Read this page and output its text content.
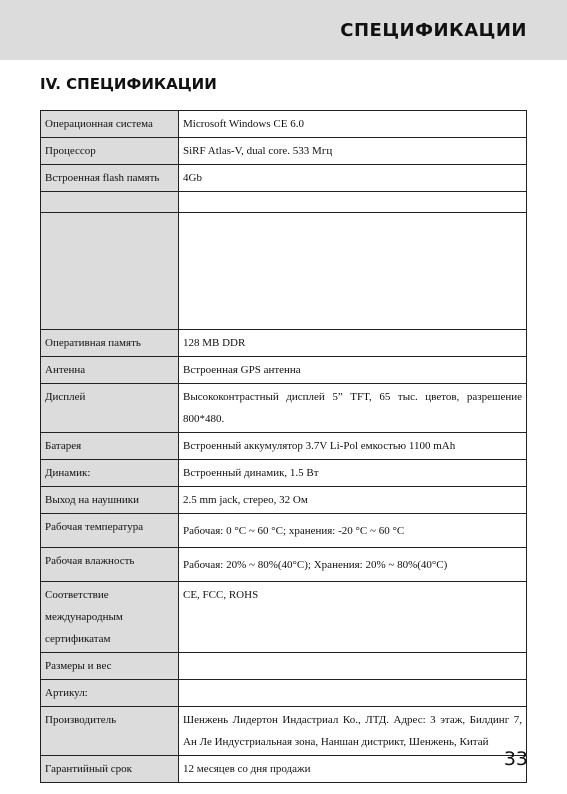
СПЕЦИФИКАЦИИ
IV. СПЕЦИФИКАЦИИ
Операционная система	Microsoft Windows CE 6.0
Процессор	SiRF Atlas-V, dual core. 533 Мгц
Встроенная flash память	4Gb

Оперативная память	128 MB DDR
Антенна	Встроенная GPS антенна
Дисплей	Высококонтрастный дисплей 5” TFT, 65 тыс. цветов, разрешение 800*480.
Батарея	Встроенный аккумулятор 3.7V Li-Pol емкостью 1100 mAh
Динамик:	Встроенный динамик, 1.5 Вт
Выход на наушники	2.5 mm jack, стерео, 32 Ом
Рабочая температура	Рабочая: 0 °C ~ 60 °C; хранения: -20 °C ~ 60 °C
Рабочая влажность	Рабочая: 20% ~ 80%(40°C); Хранения: 20% ~ 80%(40°C)
Соответствие международным сертификатам	CE, FCC, ROHS
Размеры и вес	
Артикул:	
Производитель	Шенжень Лидертон Индастриал Ко., ЛТД. Адрес: 3 этаж, Билдинг 7, Ан Ле Индустриальная зона, Наншан дистрикт, Шенжень, Китай
Гарантийный срок	12 месяцев со дня продажи	33
